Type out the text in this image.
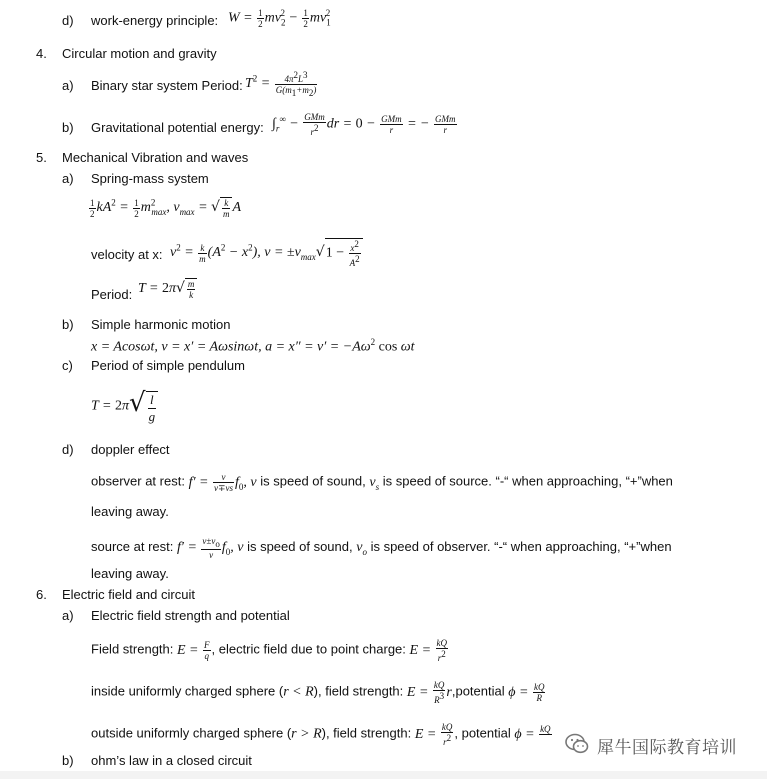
d) work-energy principle: $W = \frac{1}{2} mv_2^2 - \frac{1}{2} mv_1^2$
4. Circular motion and gravity
a) Binary star system Period: $T^2 = \frac{4\pi^2L^3}{G(m_1+m_2)}$
b) Gravitational potential energy: $\int_r^\infty - \frac{\text{GMm}}{r^2}$ dr = $0 - \frac{\text{GMm}}{r}$ = − $\frac{\text{GMm}}{r}$
5. Mechanical Vibration and waves
a) Spring-mass system
$\frac{1}{2} kA^2 = \frac{1}{2} m^2_{max}$, $v_{max}$ = √ $\frac{k}{m}$ A
velocity at x: $v^2 = \frac{k}{m} (A^2 - x^2)$, $v = \pm v_{max}√1 - \frac{x^2}{A^2}$
Period: $T = 2\pi√ \frac{m}{k}$
b) Simple harmonic motion
x = Acosωt, v = x′ = Aωsinωt, $a = x'' = v' = -A\omega^2$ cos ωt
c) Period of simple pendulum
$T = 2\pi√ \frac{l}{g}$
d) doppler effect
observer at rest: $f' = \frac{v}{v\mp vs} f_0$, v is speed of sound, $v_s$ is speed of source. “-“ when approaching, “+”when
leaving away.
source at rest: $f' = \frac{v\pm v_o}{v} f_0$, v is speed of sound, $v_o$ is speed of observer. “-“ when approaching, “+”when
leaving away.
6. Electric field and circuit
a) Electric field strength and potential
Field strength: $E = \frac{F}{q}$ , electric field due to point charge: $E = \frac{kQ}{r^2}$
inside uniformly charged sphere (r < R), field strength: $E = \frac{kQ}{R^3}$ r,potential $\phi = \frac{kQ}{R}$
outside uniformly charged sphere (r > R), field strength: $E = \frac{kQ}{r^2}$ , potential ϕ = kQ

b) ohm’s law in a closed circuit
犀牛国际教育培训
